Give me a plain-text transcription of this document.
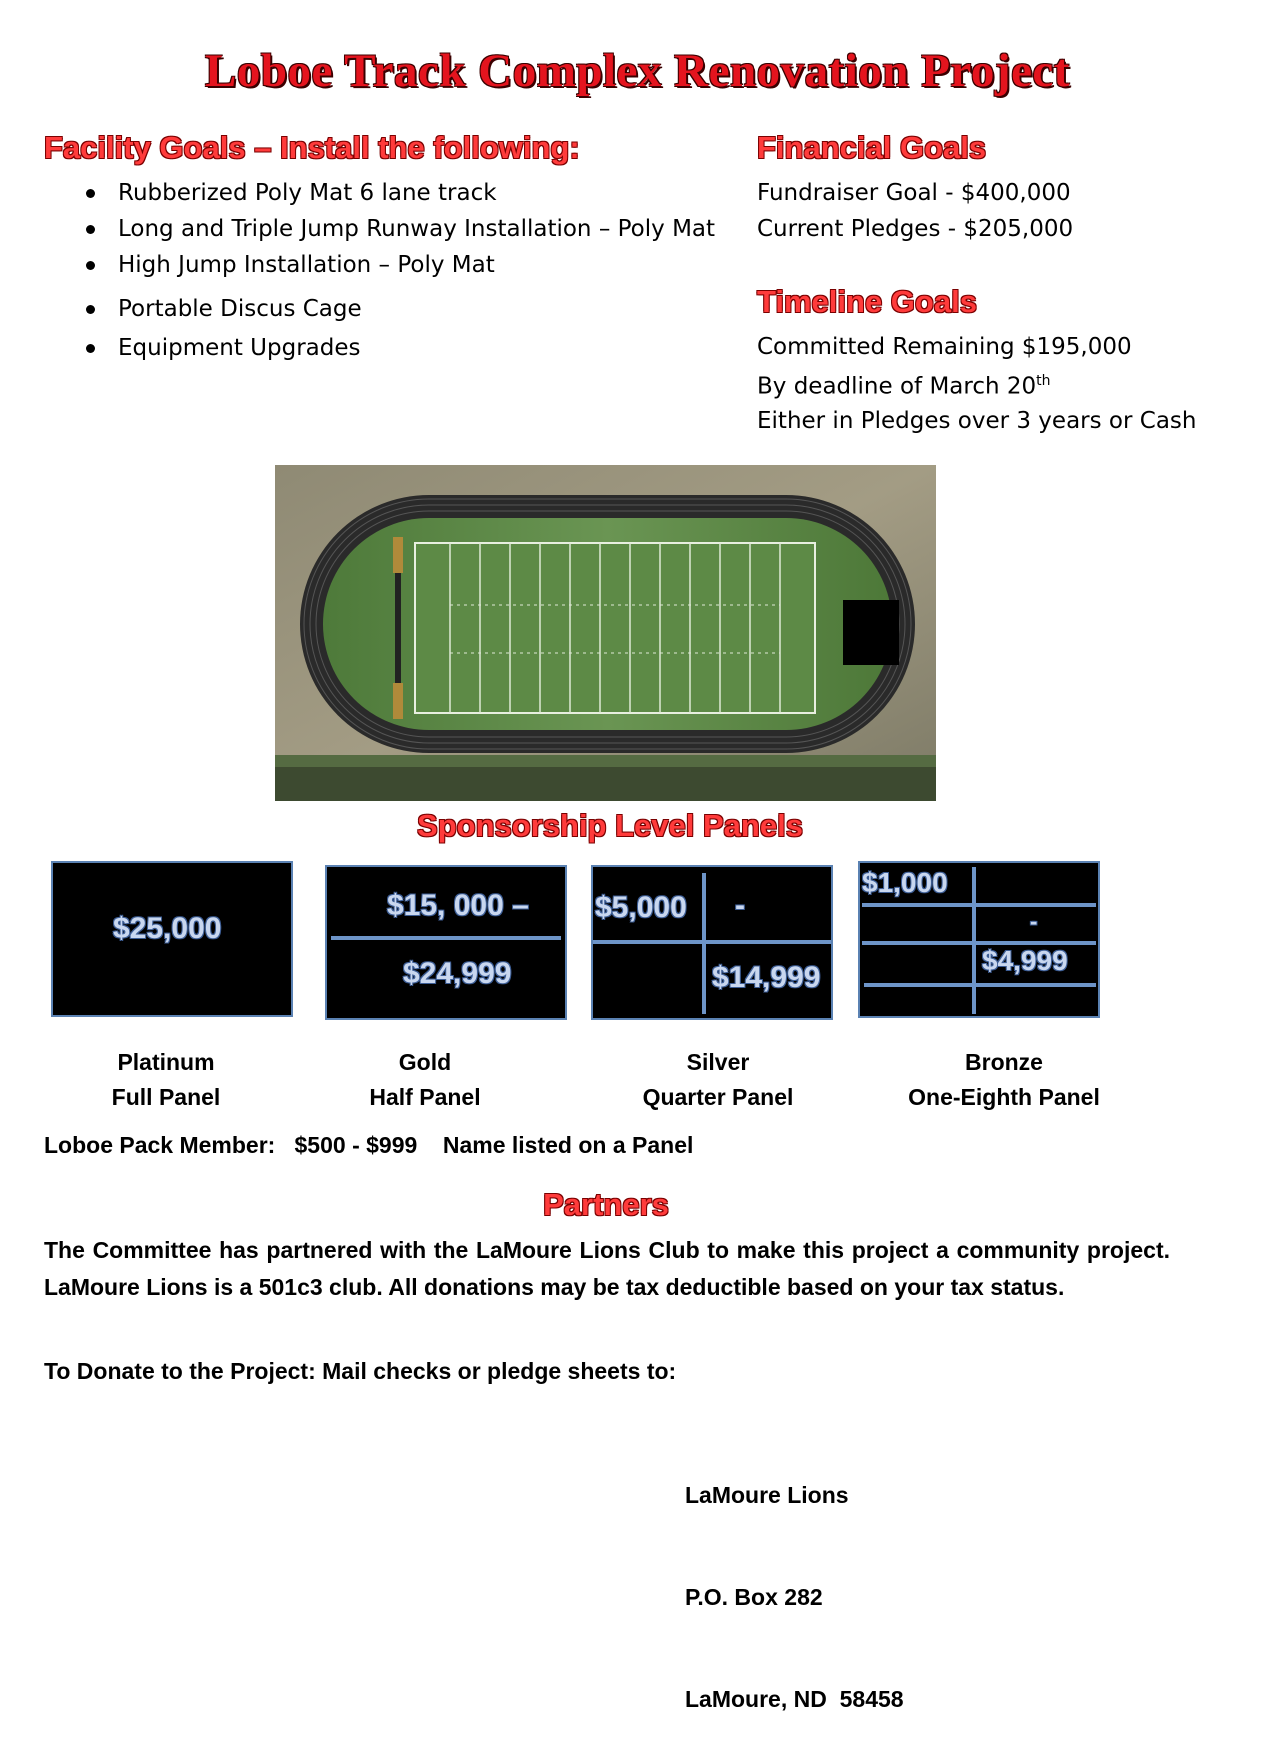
Loboe Track Complex Renovation Project
Facility Goals – Install the following:
Rubberized Poly Mat 6 lane track
Long and Triple Jump Runway Installation – Poly Mat
High Jump Installation – Poly Mat
Portable Discus Cage
Equipment Upgrades
Financial Goals
Fundraiser Goal - $400,000
Current Pledges - $205,000
Timeline Goals
Committed Remaining $195,000
By deadline of March 20th
Either in Pledges over 3 years or Cash
Sponsorship Level Panels
$25,000
$15, 000 –
$24,999
$5,000 -
$14,999
$1,000
-
$4,999
Platinum
Full Panel
Gold
Half Panel
Silver
Quarter Panel
Bronze
One-Eighth Panel
Loboe Pack Member: $500 - $999 Name listed on a Panel
Partners
The Committee has partnered with the LaMoure Lions Club to make this project a community project. LaMoure Lions is a 501c3 club. All donations may be tax deductible based on your tax status.
To Donate to the Project: Mail checks or pledge sheets to:

LaMoure Lions

P.O. Box 282

LaMoure, ND  58458
